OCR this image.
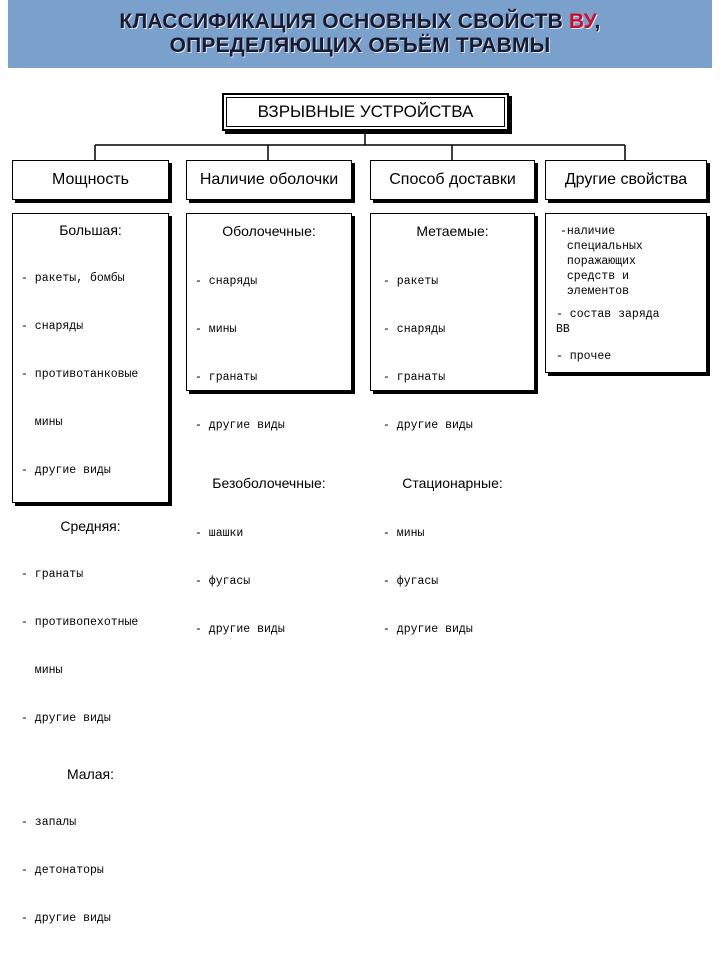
КЛАССИФИКАЦИЯ ОСНОВНЫХ СВОЙСТВ ВУ,
ОПРЕДЕЛЯЮЩИХ ОБЪЁМ ТРАВМЫ
ВЗРЫВНЫЕ УСТРОЙСТВА
Мощность	Наличие оболочки	Способ доставки	Другие свойства
Большая:

- ракеты, бомбы

- снаряды

- противотанковые

мины

- другие виды

Средняя:

- гранаты

- противопехотные

мины

- другие виды

Малая:

- запалы

- детонаторы

- другие виды

Оболочечные:

- снаряды

- мины

- гранаты

- другие виды

Безоболочечные:

- шашки

- фугасы

- другие виды

Метаемые:

- ракеты

- снаряды

- гранаты

- другие виды

Стационарные:

- мины

- фугасы

- другие виды

-наличие
специальных
поражающих
средств и
элементов
- состав заряда
ВВ
- прочее
